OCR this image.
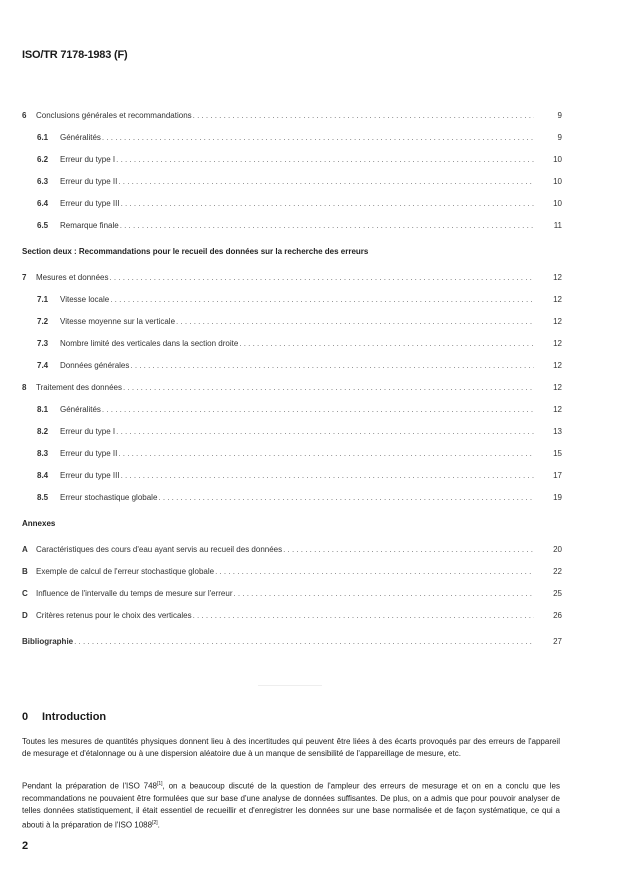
ISO/TR 7178-1983 (F)
6	Conclusions générales et recommandations .....	9
6.1	Généralités .....	9
6.2	Erreur du type I .....	10
6.3	Erreur du type II .....	10
6.4	Erreur du type III .....	10
6.5	Remarque finale .....	11
Section deux : Recommandations pour le recueil des données sur la recherche des erreurs
7	Mesures et données .....	12
7.1	Vitesse locale .....	12
7.2	Vitesse moyenne sur la verticale .....	12
7.3	Nombre limité des verticales dans la section droite .....	12
7.4	Données générales .....	12
8	Traitement des données .....	12
8.1	Généralités .....	12
8.2	Erreur du type I .....	13
8.3	Erreur du type II .....	15
8.4	Erreur du type III .....	17
8.5	Erreur stochastique globale .....	19
Annexes
A	Caractéristiques des cours d'eau ayant servis au recueil des données .....	20
B	Exemple de calcul de l'erreur stochastique globale .....	22
C	Influence de l'intervalle du temps de mesure sur l'erreur .....	25
D	Critères retenus pour le choix des verticales .....	26
Bibliographie .....	27
0 Introduction
Toutes les mesures de quantités physiques donnent lieu à des incertitudes qui peuvent être liées à des écarts provoqués par des erreurs de l'appareil de mesurage et d'étalonnage ou à une dispersion aléatoire due à un manque de sensibilité de l'appareillage de mesure, etc.
Pendant la préparation de l'ISO 748[1], on a beaucoup discuté de la question de l'ampleur des erreurs de mesurage et on en a conclu que les recommandations ne pouvaient être formulées que sur base d'une analyse de données suffisantes. De plus, on a admis que pour pouvoir analyser de telles données statistiquement, il était essentiel de recueillir et d'enregistrer les données sur une base normalisée et de façon systématique, ce qui a abouti à la préparation de l'ISO 1088[2].
2
